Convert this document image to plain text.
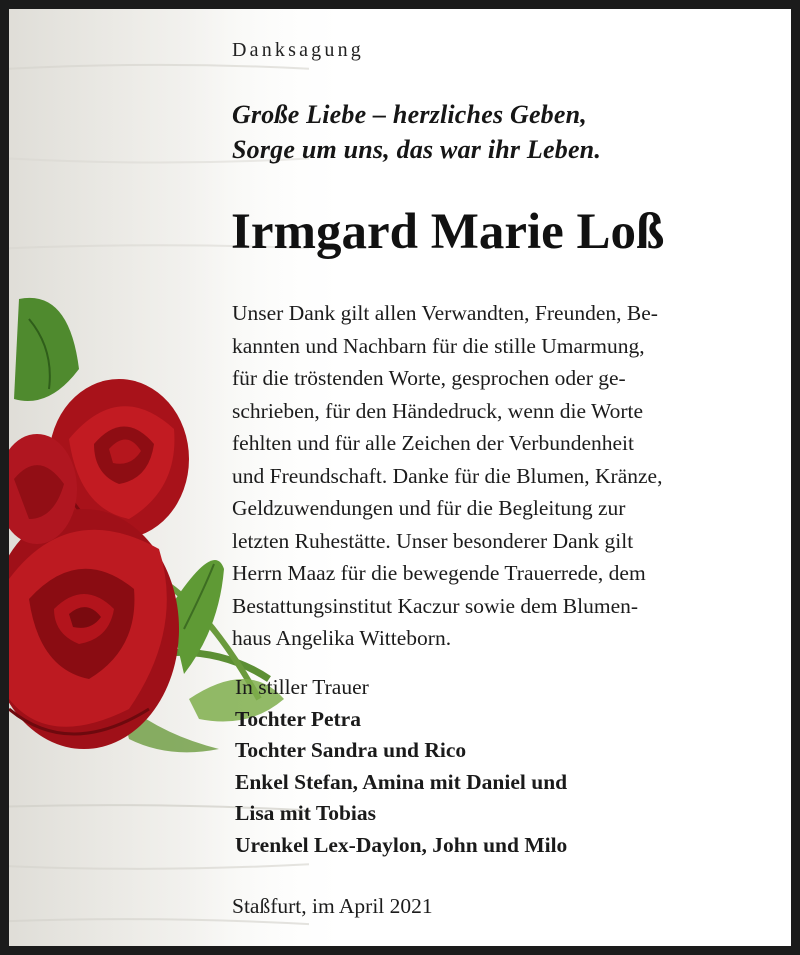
Danksagung
Große Liebe – herzliches Geben,
Sorge um uns, das war ihr Leben.
Irmgard Marie Loß
Unser Dank gilt allen Verwandten, Freunden, Be-
kannten und Nachbarn für die stille Umarmung,
für die tröstenden Worte, gesprochen oder ge-
schrieben, für den Händedruck, wenn die Worte
fehlten und für alle Zeichen der Verbundenheit
und Freundschaft. Danke für die Blumen, Kränze,
Geldzuwendungen und für die Begleitung zur
letzten Ruhestätte. Unser besonderer Dank gilt
Herrn Maaz für die bewegende Trauerrede, dem
Bestattungsinstitut Kaczur sowie dem Blumen-
haus Angelika Witteborn.
In stiller Trauer
Tochter Petra
Tochter Sandra und Rico
Enkel Stefan, Amina mit Daniel und
Lisa mit Tobias
Urenkel Lex-Daylon, John und Milo
Staßfurt, im April 2021
